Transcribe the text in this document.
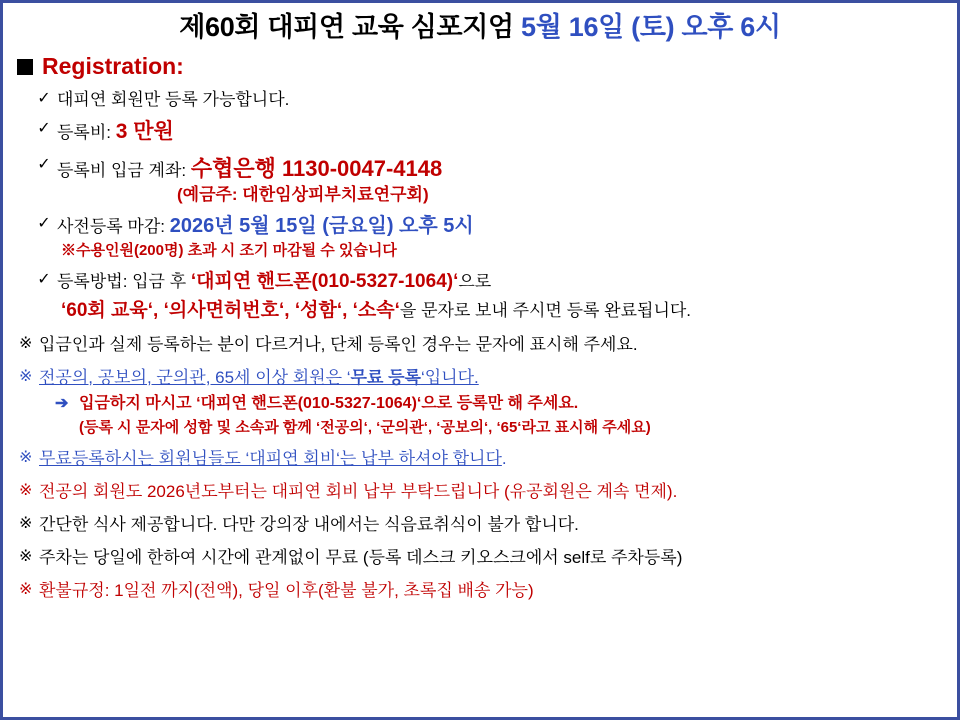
제60회 대피연 교육 심포지엄 5월 16일 (토) 오후 6시
Registration:
✓ 대피연 회원만 등록 가능합니다.
✓ 등록비: 3 만원
✓ 등록비 입금 계좌: 수협은행 1130-0047-4148
(예금주: 대한임상피부치료연구회)
✓ 사전등록 마감: 2026년 5월 15일 (금요일) 오후 5시
※수용인원(200명) 초과 시 조기 마감될 수 있습니다
✓ 등록방법: 입금 후 ‘대피연 핸드폰(010-5327-1064)‘으로
‘60회 교육‘, ‘의사면허번호‘, ‘성함‘, ‘소속‘을 문자로 보내 주시면 등록 완료됩니다.
※ 입금인과 실제 등록하는 분이 다르거나, 단체 등록인 경우는 문자에 표시해 주세요.
※ 전공의, 공보의, 군의관, 65세 이상 회원은 ‘무료 등록‘입니다.
➔ 입금하지 마시고 ‘대피연 핸드폰(010-5327-1064)‘으로 등록만 해 주세요.
(등록 시 문자에 성함 및 소속과 함께 ‘전공의‘, ‘군의관‘, ‘공보의‘, ‘65‘라고 표시해 주세요)
※ 무료등록하시는 회원님들도 ‘대피연 회비‘는 납부 하셔야 합니다.
※ 전공의 회원도 2026년도부터는 대피연 회비 납부 부탁드립니다 (유공회원은 계속 면제).
※ 간단한 식사 제공합니다. 다만 강의장 내에서는 식음료취식이 불가 합니다.
※ 주차는 당일에 한하여 시간에 관계없이 무료 (등록 데스크 키오스크에서 self로 주차등록)
※ 환불규정: 1일전 까지(전액), 당일 이후(환불 불가, 초록집 배송 가능)
